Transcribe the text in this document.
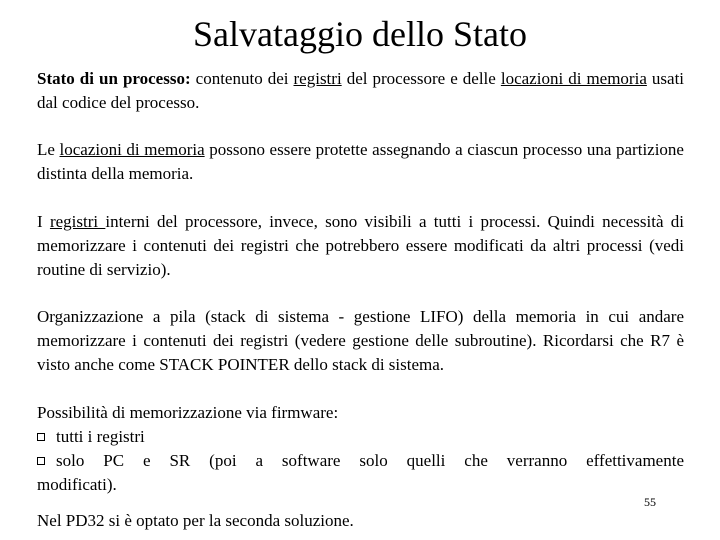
Salvataggio dello Stato
Stato di un processo: contenuto dei registri del processore e delle locazioni di memoria usati dal codice del processo.
Le locazioni di memoria possono essere protette assegnando a ciascun processo una partizione distinta della memoria.
I registri interni del processore, invece, sono visibili a tutti i processi. Quindi necessità di memorizzare i contenuti dei registri che potrebbero essere modificati da altri processi (vedi routine di servizio).
Organizzazione a pila (stack di sistema - gestione LIFO) della memoria in cui andare memorizzare i contenuti dei registri (vedere gestione delle subroutine). Ricordarsi che R7 è visto anche come STACK POINTER dello stack di sistema.
Possibilità di memorizzazione via firmware:
tutti i registri
solo PC e SR (poi a software solo quelli che verranno effettivamente
modificati).
55
Nel PD32 si è optato per la seconda soluzione.
